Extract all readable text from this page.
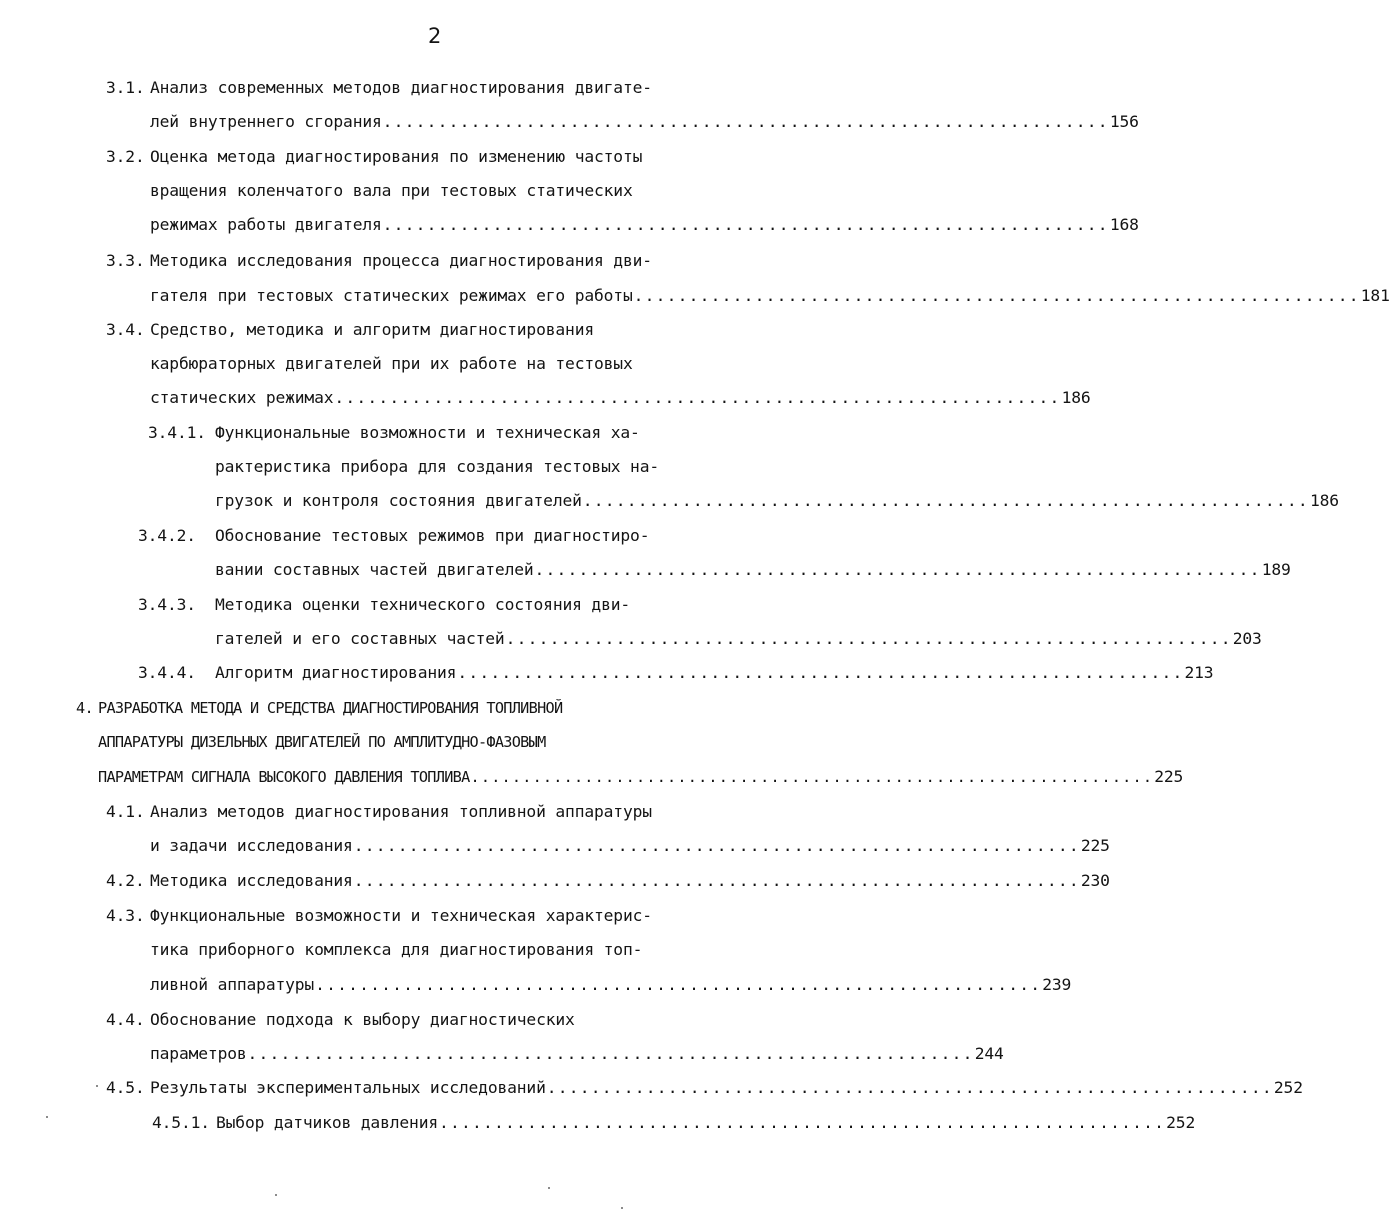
2
3.1. Анализ современных методов диагностирования двигате-
лей внутреннего сгорания .................................................................. 156
3.2. Оценка метода диагностирования по изменению частоты
вращения коленчатого вала при тестовых статических
режимах работы двигателя .................................................................. 168
3.3. Методика исследования процесса диагностирования дви-
гателя при тестовых статических режимах его работы .................................................................. 181
3.4. Средство, методика и алгоритм диагностирования
карбюраторных двигателей при их работе на тестовых
статических режимах .................................................................. 186
3.4.1. Функциональные возможности и техническая ха-
рактеристика прибора для создания тестовых на-
грузок и контроля состояния двигателей .................................................................. 186
3.4.2. Обоснование тестовых режимов при диагностиро-
вании составных частей двигателей .................................................................. 189
3.4.3. Методика оценки технического состояния дви-
гателей и его составных частей .................................................................. 203
3.4.4. Алгоритм диагностирования .................................................................. 213
4. РАЗРАБОТКА МЕТОДА И СРЕДСТВА ДИАГНОСТИРОВАНИЯ ТОПЛИВНОЙ
АППАРАТУРЫ ДИЗЕЛЬНЫХ ДВИГАТЕЛЕЙ ПО АМПЛИТУДНО-ФАЗОВЫМ
ПАРАМЕТРАМ СИГНАЛА ВЫСОКОГО ДАВЛЕНИЯ ТОПЛИВА .................................................................. 225
4.1. Анализ методов диагностирования топливной аппаратуры
и задачи исследования .................................................................. 225
4.2. Методика исследования .................................................................. 230
4.3. Функциональные возможности и техническая характерис-
тика приборного комплекса для диагностирования топ-
ливной аппаратуры .................................................................. 239
4.4. Обоснование подхода к выбору диагностических
параметров .................................................................. 244
4.5. Результаты экспериментальных исследований .................................................................. 252
4.5.1. Выбор датчиков давления .................................................................. 252
